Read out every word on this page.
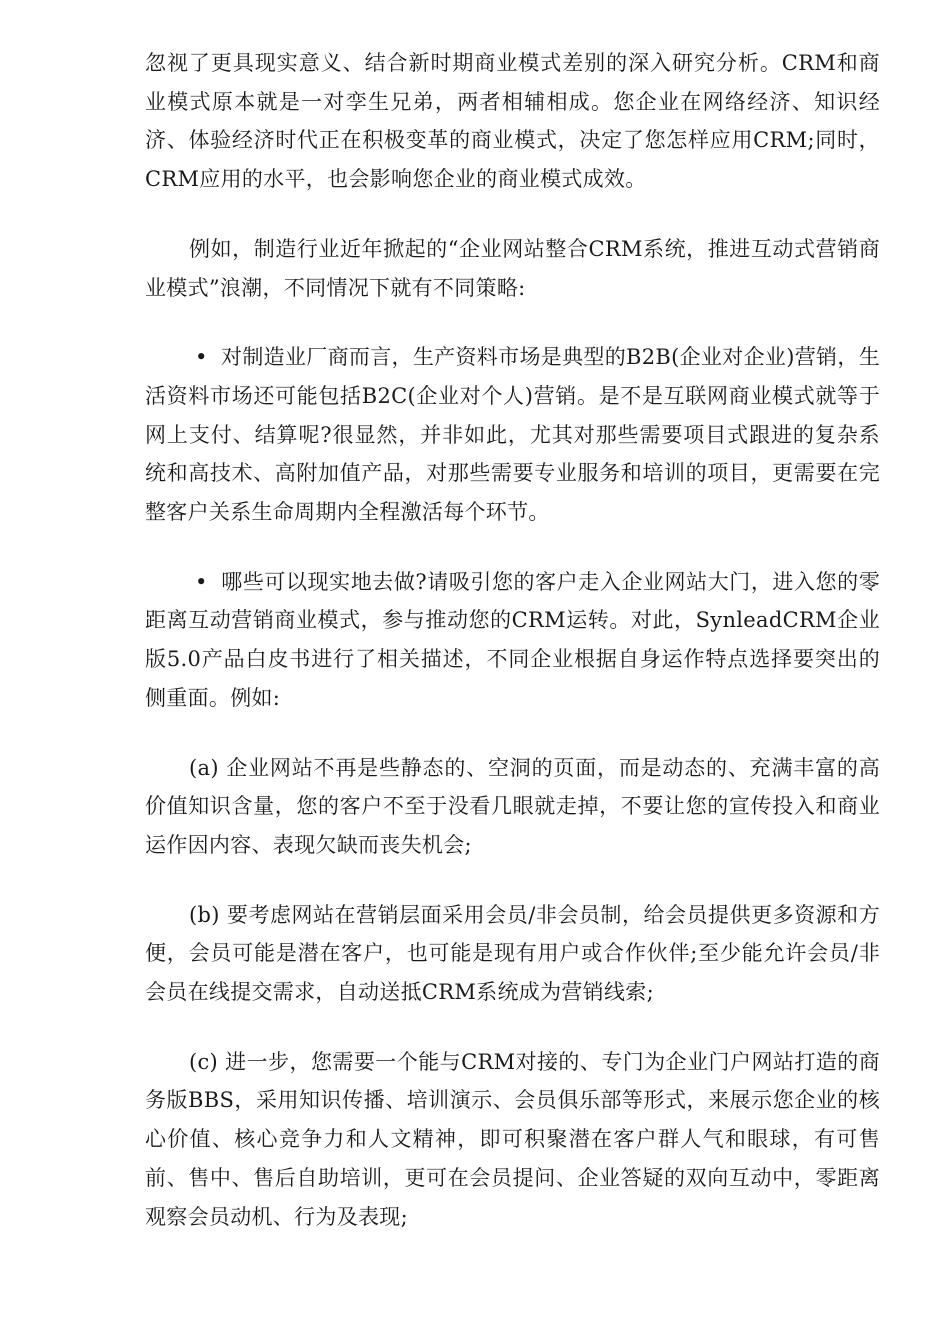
忽视了更具现实意义、结合新时期商业模式差别的深入研究分析。CRM和商业模式原本就是一对孪生兄弟，两者相辅相成。您企业在网络经济、知识经济、体验经济时代正在积极变革的商业模式，决定了您怎样应用CRM;同时，CRM应用的水平，也会影响您企业的商业模式成效。

例如，制造行业近年掀起的“企业网站整合CRM系统，推进互动式营销商业模式”浪潮，不同情况下就有不同策略:

• 对制造业厂商而言，生产资料市场是典型的B2B(企业对企业)营销，生活资料市场还可能包括B2C(企业对个人)营销。是不是互联网商业模式就等于网上支付、结算呢?很显然，并非如此，尤其对那些需要项目式跟进的复杂系统和高技术、高附加值产品，对那些需要专业服务和培训的项目，更需要在完整客户关系生命周期内全程激活每个环节。

• 哪些可以现实地去做?请吸引您的客户走入企业网站大门，进入您的零距离互动营销商业模式，参与推动您的CRM运转。对此，SynleadCRM企业版5.0产品白皮书进行了相关描述，不同企业根据自身运作特点选择要突出的侧重面。例如:

(a) 企业网站不再是些静态的、空洞的页面，而是动态的、充满丰富的高价值知识含量，您的客户不至于没看几眼就走掉，不要让您的宣传投入和商业运作因内容、表现欠缺而丧失机会;

(b) 要考虑网站在营销层面采用会员/非会员制，给会员提供更多资源和方便，会员可能是潜在客户，也可能是现有用户或合作伙伴;至少能允许会员/非会员在线提交需求，自动送抵CRM系统成为营销线索;

(c) 进一步，您需要一个能与CRM对接的、专门为企业门户网站打造的商务版BBS，采用知识传播、培训演示、会员俱乐部等形式，来展示您企业的核心价值、核心竞争力和人文精神，即可积聚潜在客户群人气和眼球，有可售前、售中、售后自助培训，更可在会员提问、企业答疑的双向互动中，零距离观察会员动机、行为及表现;
